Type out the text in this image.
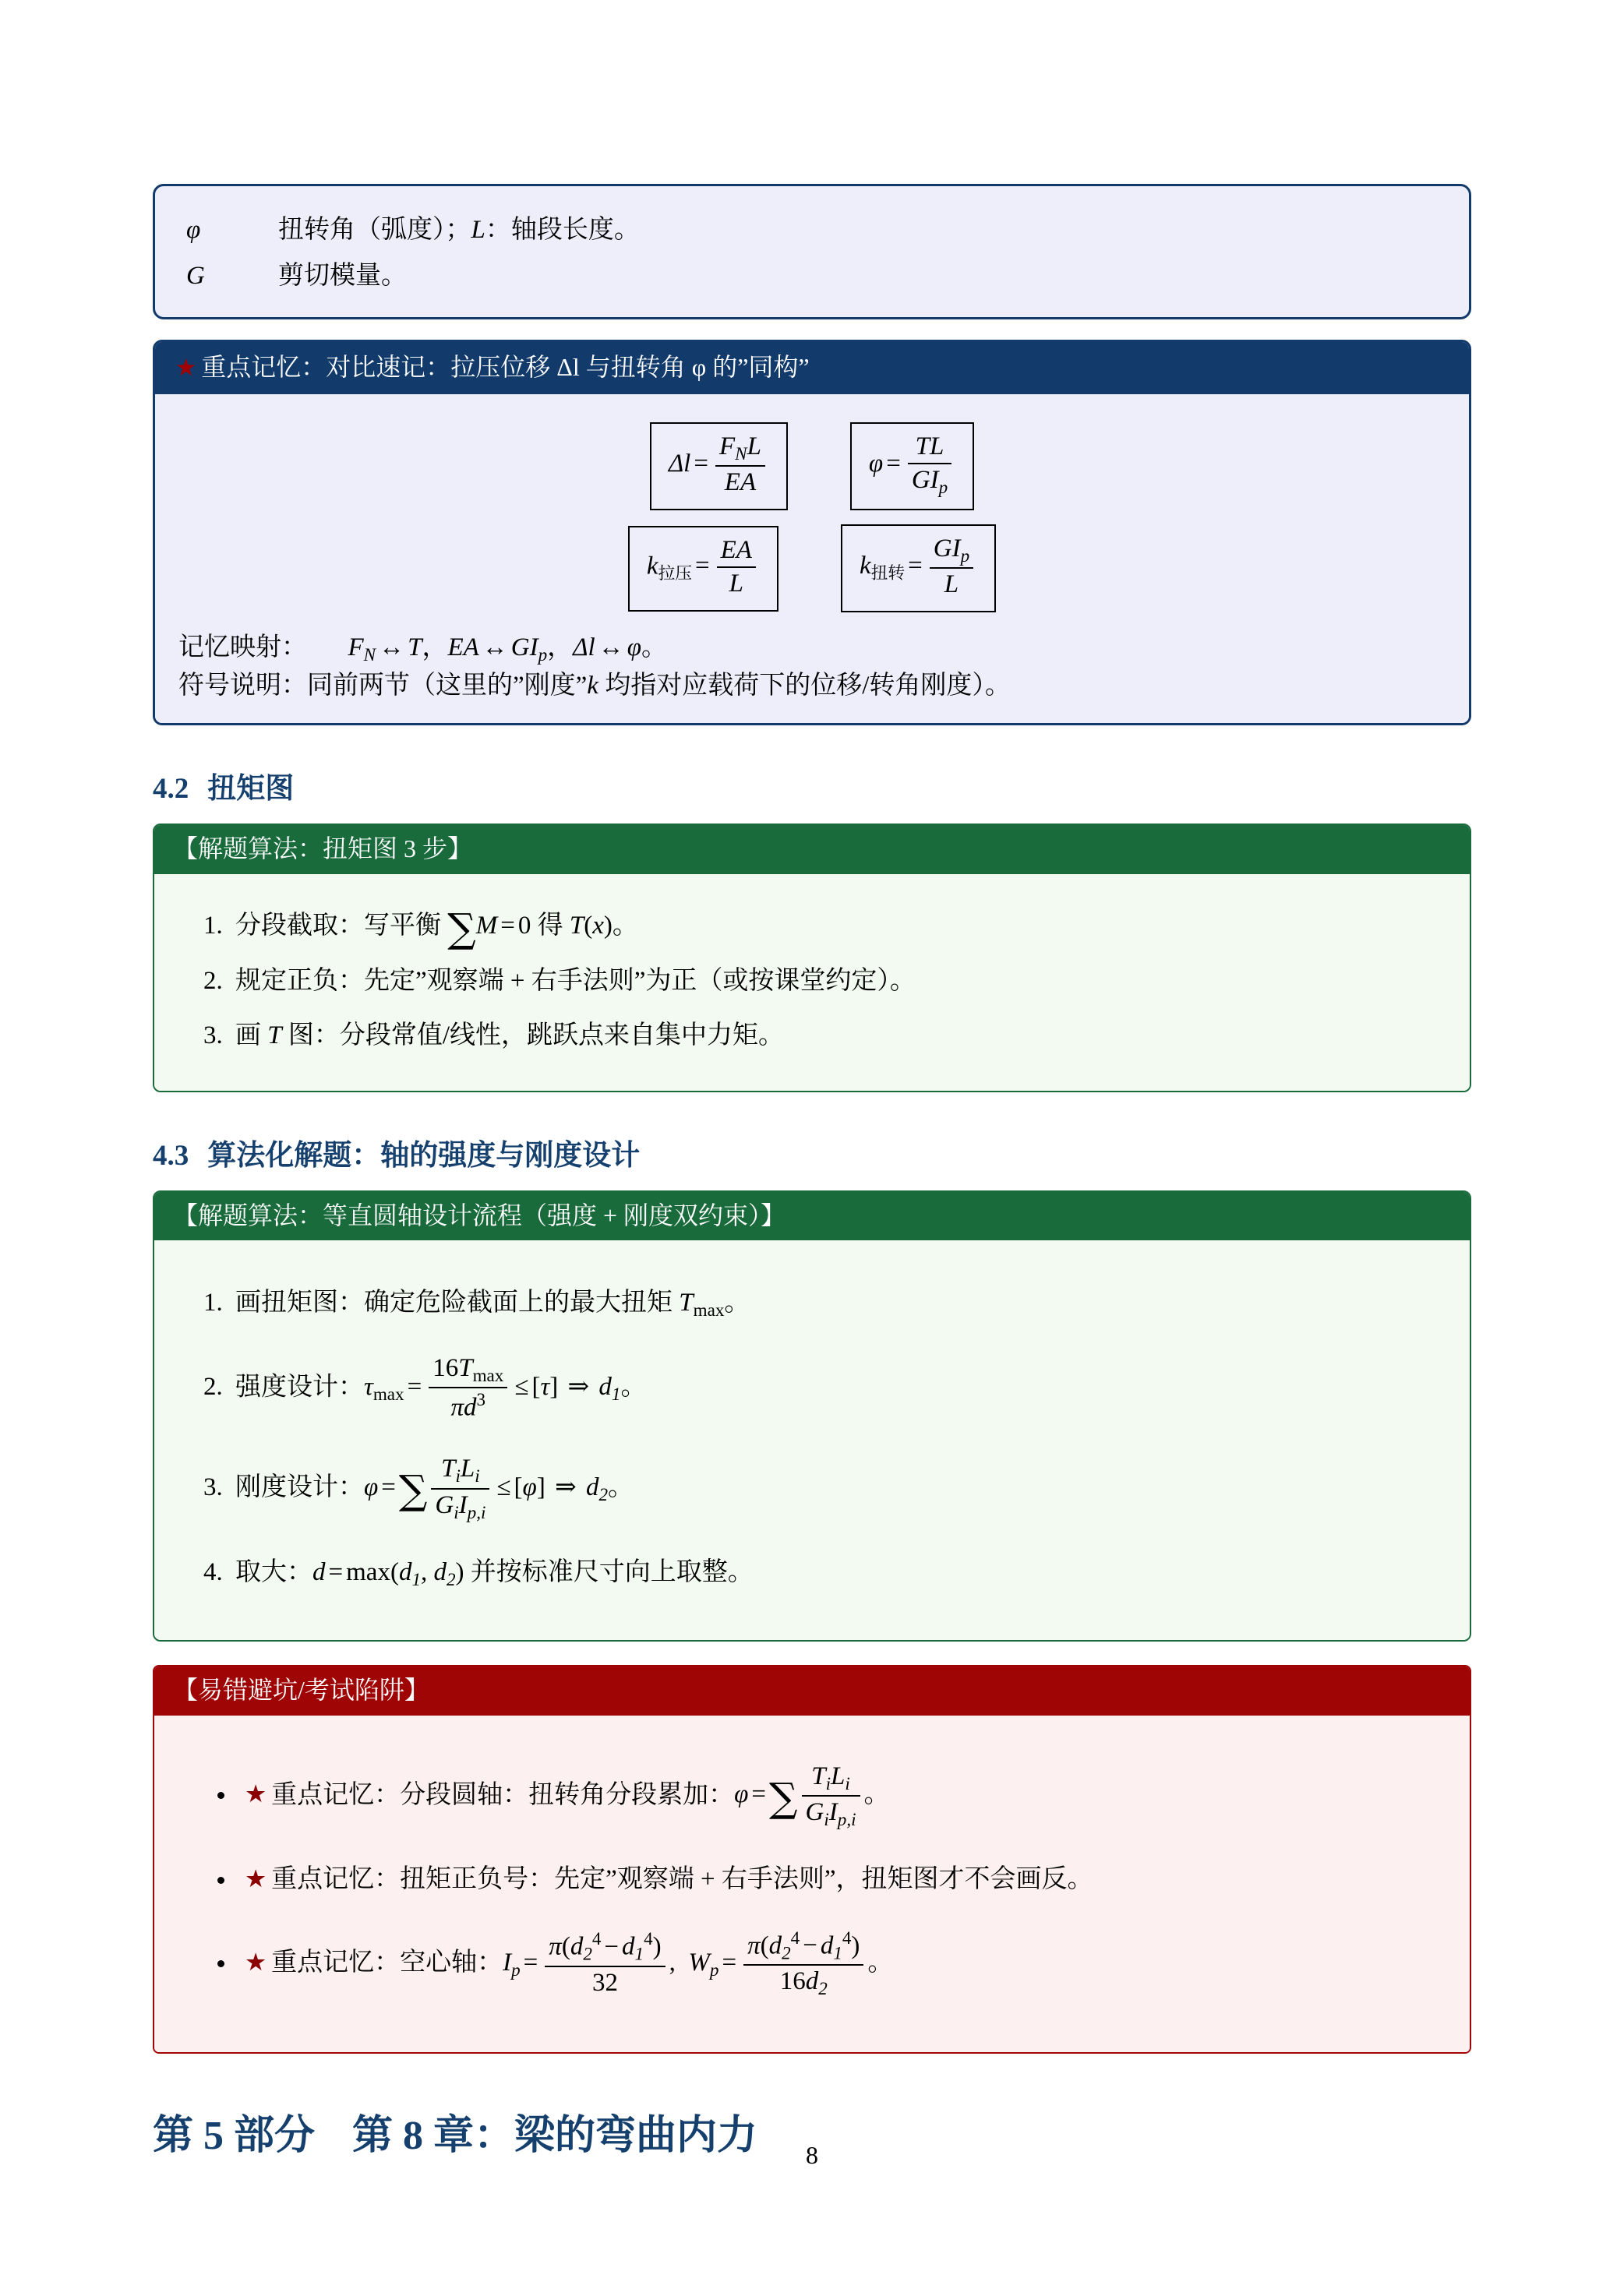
φ	扭转角（弧度）；L：轴段长度。
G	剪切模量。
★ 重点记忆：对比速记：拉压位移 Δl 与扭转角 φ 的”同构”
$\Delta l = \frac{F_NL}{EA}$	$\varphi = \frac{TL}{GI_p}$
k拉压 = $\frac{EA}{L}$	k扭转 = $\frac{GI_p}{L}$
记忆映射： $F_N$ ↔ T，EA ↔ $GI_p$，Δl ↔ φ。
符号说明：同前两节（这里的”刚度”k 均指对应载荷下的位移/转角刚度）。
4.2 扭矩图
【解题算法：扭矩图 3 步】
1. 分段截取：写平衡 ∑M = 0 得 T(x)。
2. 规定正负：先定”观察端 + 右手法则”为正（或按课堂约定）。
3. 画 T 图：分段常值/线性，跳跃点来自集中力矩。
4.3 算法化解题：轴的强度与刚度设计
【解题算法：等直圆轴设计流程（强度 + 刚度双约束）】
1. 画扭矩图：确定危险截面上的最大扭矩 $T_{max}$。
2. 强度设计：$\tau_{max} = \frac{16T_{max}}{\pi d^3} \le [\tau]$ ⇒ $d_1$。
3. 刚度设计：φ =∑ $\frac{T_iL_i}{G_iI_{p,i}} \le [\varphi]$ ⇒ $d_2$。
4. 取大：$d = \max(d_1$, $d_2$) 并按标准尺寸向上取整。
【易错避坑/考试陷阱】
• ★ 重点记忆：分段圆轴：扭转角分段累加：φ =∑ $\frac{T_iL_i}{G_iI_{p,i}}$ 。
• ★ 重点记忆：扭矩正负号：先定”观察端 + 右手法则”，扭矩图才不会画反。
• ★ 重点记忆：空心轴：$I_p = \frac{\pi(d_2^4 - d_1^4)}{32}$ ,  $W_p = \frac{\pi(d_2^4 - d_1^4)}{16d_2}$ 。
第 5 部分 第 8 章：梁的弯曲内力	8
